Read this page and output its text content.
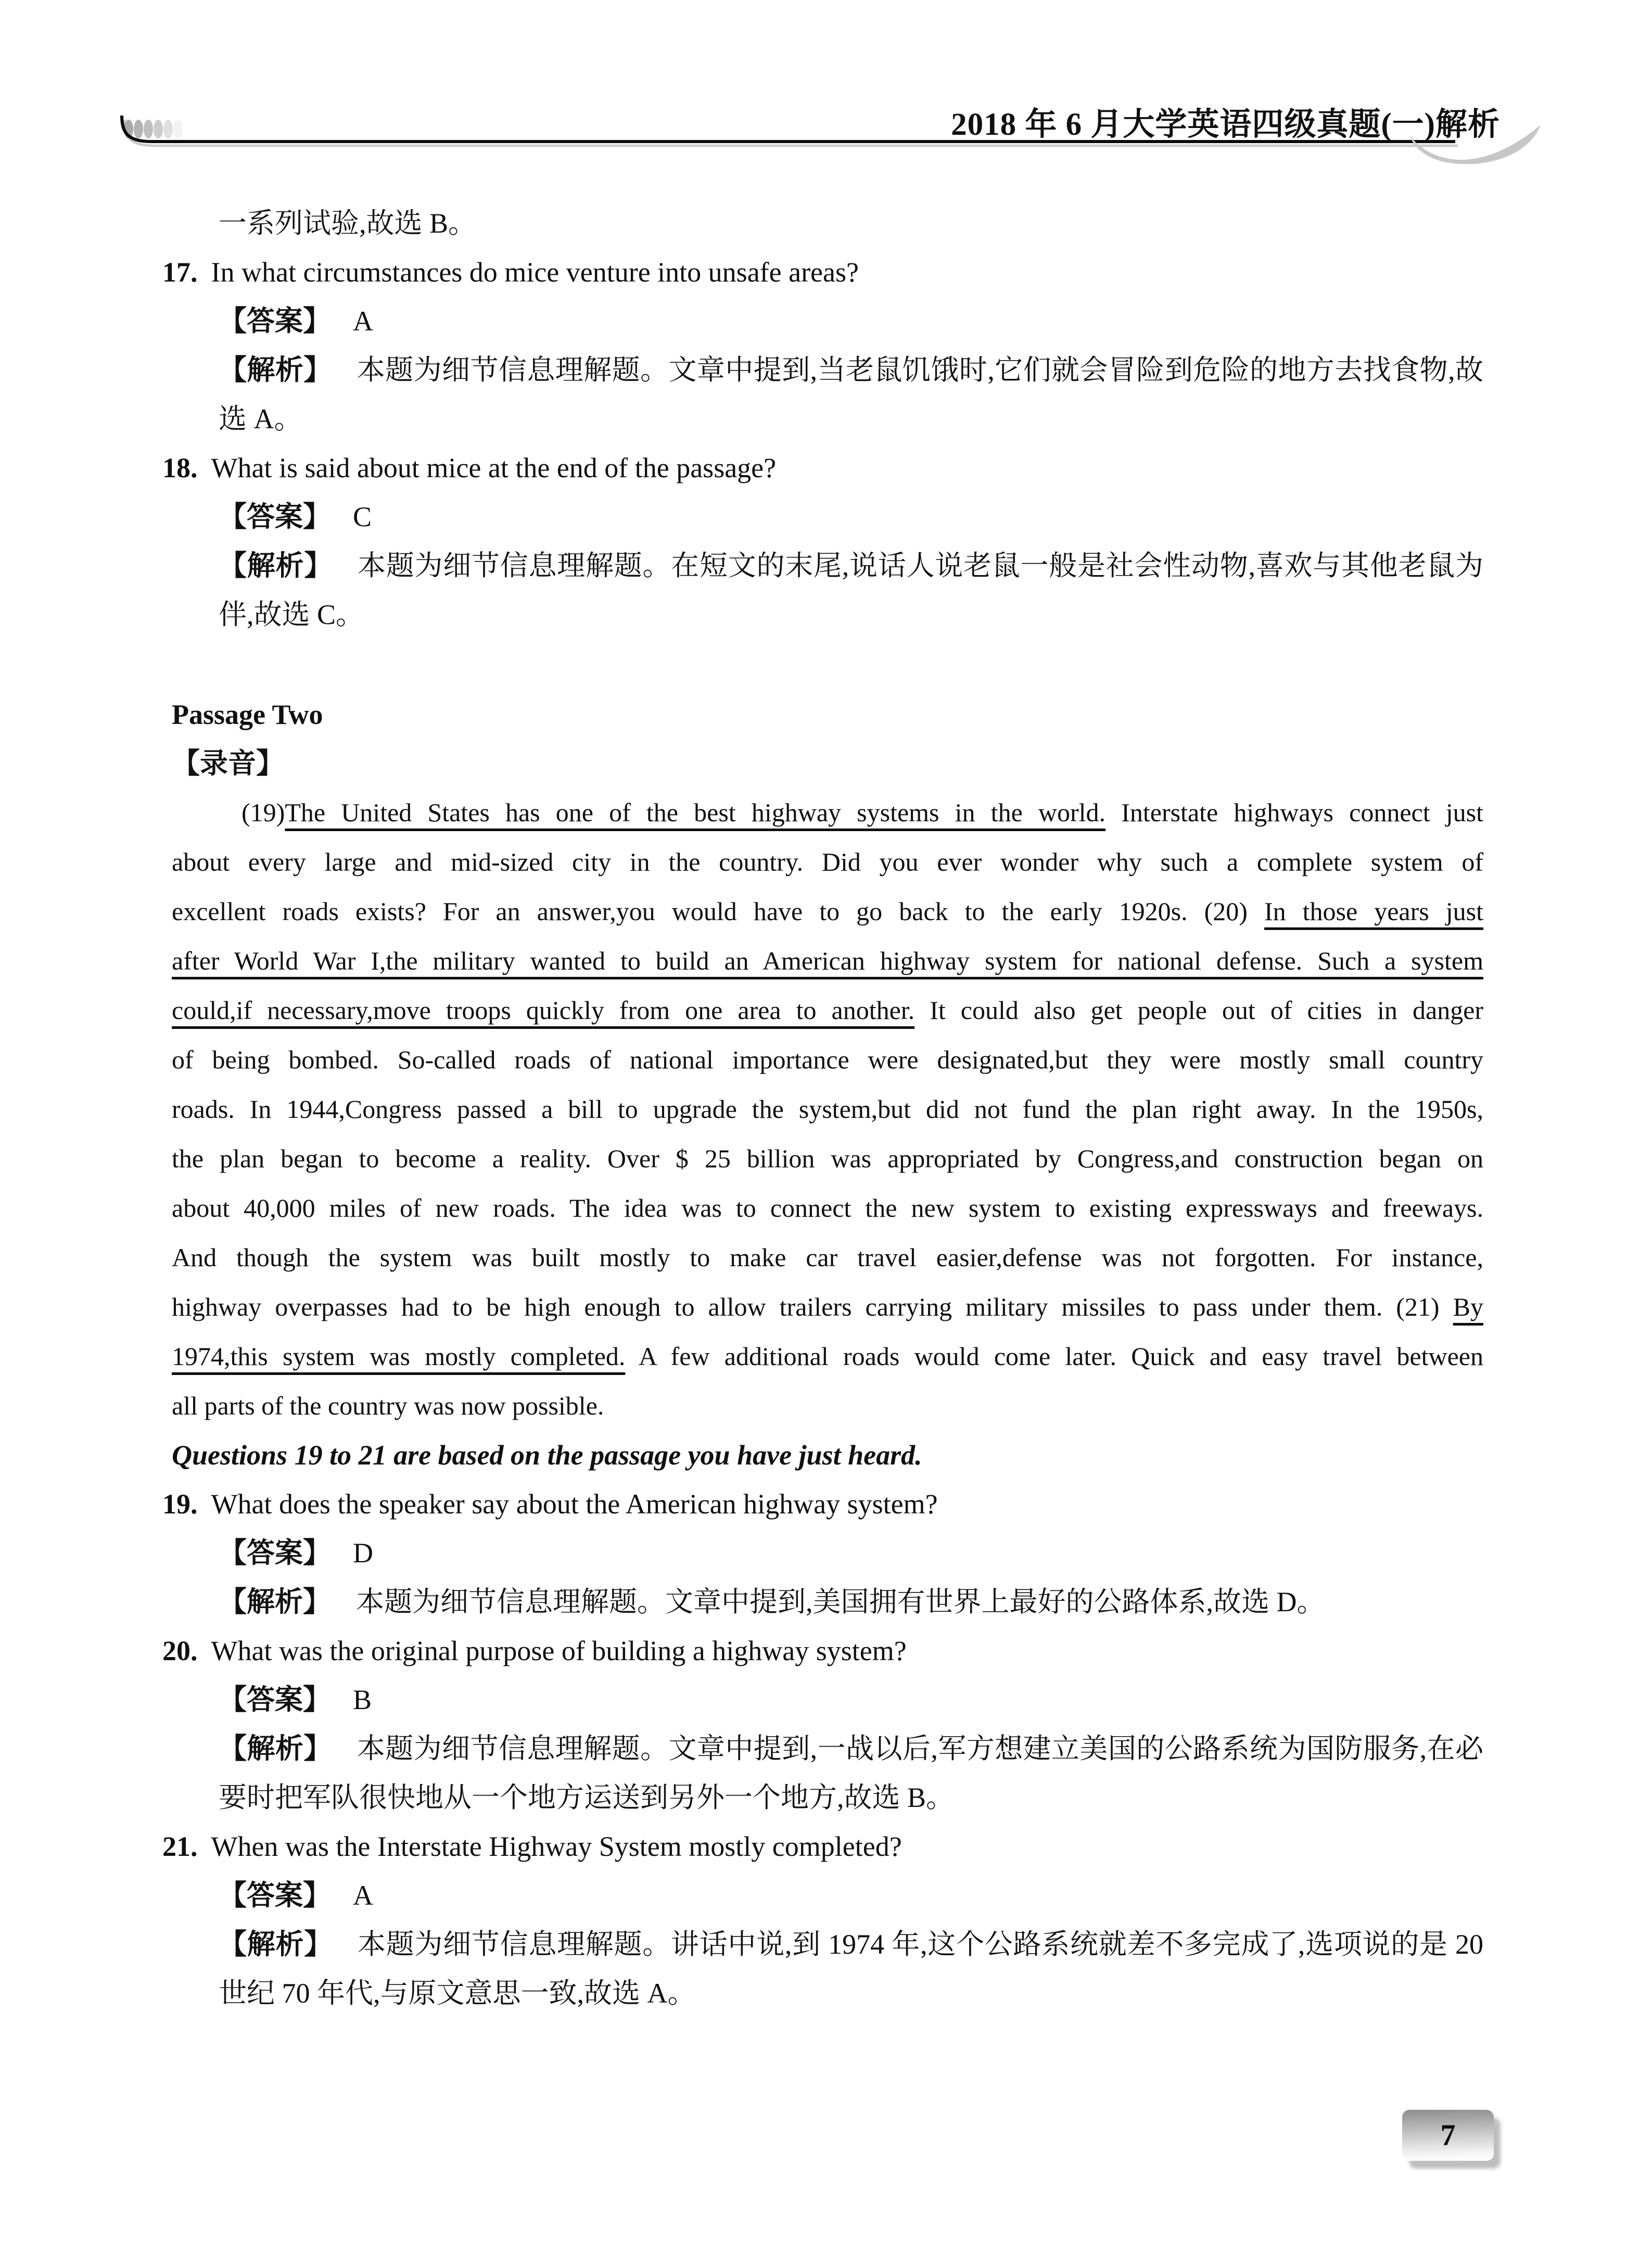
2018 年 6 月大学英语四级真题(一)解析
一系列试验,故选 B。
17. In what circumstances do mice venture into unsafe areas?
【答案】 A
【解析】 本题为细节信息理解题。文章中提到,当老鼠饥饿时,它们就会冒险到危险的地方去找食物,故选 A。
18. What is said about mice at the end of the passage?
【答案】 C
【解析】 本题为细节信息理解题。在短文的末尾,说话人说老鼠一般是社会性动物,喜欢与其他老鼠为伴,故选 C。
Passage Two
【录音】
(19)The United States has one of the best highway systems in the world. Interstate highways connect just
about every large and mid-sized city in the country. Did you ever wonder why such a complete system of
excellent roads exists? For an answer,you would have to go back to the early 1920s. (20) In those years just
after World War I,the military wanted to build an American highway system for national defense. Such a system
could,if necessary,move troops quickly from one area to another. It could also get people out of cities in danger
of being bombed. So-called roads of national importance were designated,but they were mostly small country
roads. In 1944,Congress passed a bill to upgrade the system,but did not fund the plan right away. In the 1950s,
the plan began to become a reality. Over $ 25 billion was appropriated by Congress,and construction began on
about 40,000 miles of new roads. The idea was to connect the new system to existing expressways and freeways.
And though the system was built mostly to make car travel easier,defense was not forgotten. For instance,
highway overpasses had to be high enough to allow trailers carrying military missiles to pass under them. (21) By
1974,this system was mostly completed. A few additional roads would come later. Quick and easy travel between
all parts of the country was now possible.
Questions 19 to 21 are based on the passage you have just heard.
19. What does the speaker say about the American highway system?
【答案】 D
【解析】 本题为细节信息理解题。文章中提到,美国拥有世界上最好的公路体系,故选 D。
20. What was the original purpose of building a highway system?
【答案】 B
【解析】 本题为细节信息理解题。文章中提到,一战以后,军方想建立美国的公路系统为国防服务,在必要时把军队很快地从一个地方运送到另外一个地方,故选 B。
21. When was the Interstate Highway System mostly completed?
【答案】 A
【解析】 本题为细节信息理解题。讲话中说,到 1974 年,这个公路系统就差不多完成了,选项说的是 20 世纪 70 年代,与原文意思一致,故选 A。
7
